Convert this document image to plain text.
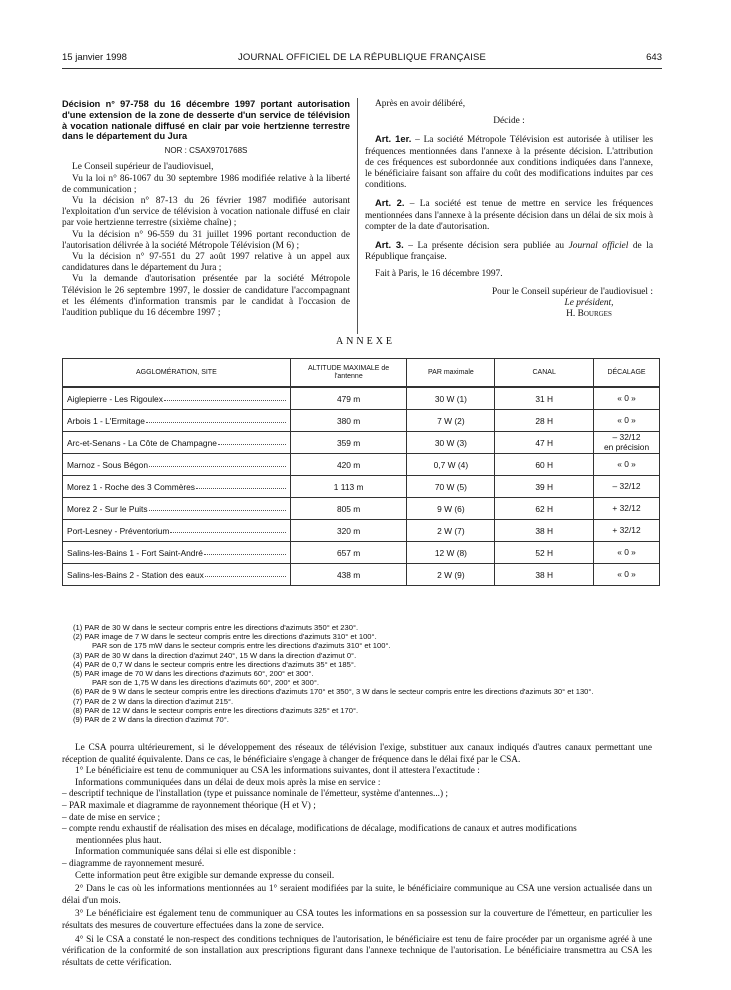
15 janvier 1998	JOURNAL OFFICIEL DE LA RÉPUBLIQUE FRANÇAISE	643

Décision n° 97-758 du 16 décembre 1997 portant autorisation d'une extension de la zone de desserte d'un service de télévision à vocation nationale diffusé en clair par voie hertzienne terrestre dans le département du Jura

NOR : CSAX9701768S

Le Conseil supérieur de l'audiovisuel,

Vu la loi n° 86-1067 du 30 septembre 1986 modifiée relative à la liberté de communication ;

Vu la décision n° 87-13 du 26 février 1987 modifiée autorisant l'exploitation d'un service de télévision à vocation nationale diffusé en clair par voie hertzienne terrestre (sixième chaîne) ;

Vu la décision n° 96-559 du 31 juillet 1996 portant reconduction de l'autorisation délivrée à la société Métropole Télévision (M 6) ;

Vu la décision n° 97-551 du 27 août 1997 relative à un appel aux candidatures dans le département du Jura ;

Vu la demande d'autorisation présentée par la société Métropole Télévision le 26 septembre 1997, le dossier de candidature l'accompagnant et les éléments d'information transmis par le candidat à l'occasion de l'audition publique du 16 décembre 1997 ;

Après en avoir délibéré,

Décide :

Art. 1er. – La société Métropole Télévision est autorisée à utiliser les fréquences mentionnées dans l'annexe à la présente décision. L'attribution de ces fréquences est subordonnée aux conditions indiquées dans l'annexe, le bénéficiaire faisant son affaire du coût des modifications induites par ces conditions.

Art. 2. – La société est tenue de mettre en service les fréquences mentionnées dans l'annexe à la présente décision dans un délai de six mois à compter de la date d'autorisation.

Art. 3. – La présente décision sera publiée au Journal officiel de la République française.

Fait à Paris, le 16 décembre 1997.

Pour le Conseil supérieur de l'audiovisuel :

Le président,

H. Bourges

ANNEXE
AGGLOMÉRATION, SITE	ALTITUDE MAXIMALE de l'antenne	PAR maximale	CANAL	DÉCALAGE

Aiglepierre - Les Rigoulex	479 m	30 W (1)	31 H	« 0 »

Arbois 1 - L'Ermitage	380 m	7 W (2)	28 H	« 0 »

Arc-et-Senans - La Côte de Champagne	359 m	30 W (3)	47 H	– 32/12
en précision

Marnoz - Sous Bégon	420 m	0,7 W (4)	60 H	« 0 »

Morez 1 - Roche des 3 Commères	1 113 m	70 W (5)	39 H	– 32/12

Morez 2 - Sur le Puits	805 m	9 W (6)	62 H	+ 32/12

Port-Lesney - Préventorium	320 m	2 W (7)	38 H	+ 32/12

Salins-les-Bains 1 - Fort Saint-André	657 m	12 W (8)	52 H	« 0 »

Salins-les-Bains 2 - Station des eaux	438 m	2 W (9)	38 H	« 0 »
(1) PAR de 30 W dans le secteur compris entre les directions d'azimuts 350° et 230°.
(2) PAR image de 7 W dans le secteur compris entre les directions d'azimuts 310° et 100°.
PAR son de 175 mW dans le secteur compris entre les directions d'azimuts 310° et 100°.
(3) PAR de 30 W dans la direction d'azimut 240°, 15 W dans la direction d'azimut 0°.
(4) PAR de 0,7 W dans le secteur compris entre les directions d'azimuts 35° et 185°.
(5) PAR image de 70 W dans les directions d'azimuts 60°, 200° et 300°.
PAR son de 1,75 W dans les directions d'azimuts 60°, 200° et 300°.
(6) PAR de 9 W dans le secteur compris entre les directions d'azimuts 170° et 350°, 3 W dans le secteur compris entre les directions d'azimuts 30° et 130°.
(7) PAR de 2 W dans la direction d'azimut 215°.
(8) PAR de 12 W dans le secteur compris entre les directions d'azimuts 325° et 170°.
(9) PAR de 2 W dans la direction d'azimut 70°.

Le CSA pourra ultérieurement, si le développement des réseaux de télévision l'exige, substituer aux canaux indiqués d'autres canaux permettant une réception de qualité équivalente. Dans ce cas, le bénéficiaire s'engage à changer de fréquence dans le délai fixé par le CSA.

1° Le bénéficiaire est tenu de communiquer au CSA les informations suivantes, dont il attestera l'exactitude :

Informations communiquées dans un délai de deux mois après la mise en service :

– descriptif technique de l'installation (type et puissance nominale de l'émetteur, système d'antennes...) ;

– PAR maximale et diagramme de rayonnement théorique (H et V) ;

– date de mise en service ;

– compte rendu exhaustif de réalisation des mises en décalage, modifications de décalage, modifications de canaux et autres modifications

mentionnées plus haut.

Information communiquée sans délai si elle est disponible :

– diagramme de rayonnement mesuré.

Cette information peut être exigible sur demande expresse du conseil.

2° Dans le cas où les informations mentionnées au 1° seraient modifiées par la suite, le bénéficiaire communique au CSA une version actualisée dans un délai d'un mois.

3° Le bénéficiaire est également tenu de communiquer au CSA toutes les informations en sa possession sur la couverture de l'émetteur, en particulier les résultats des mesures de couverture effectuées dans la zone de service.

4° Si le CSA a constaté le non-respect des conditions techniques de l'autorisation, le bénéficiaire est tenu de faire procéder par un organisme agréé à une vérification de la conformité de son installation aux prescriptions figurant dans l'annexe technique de l'autorisation. Le bénéficiaire transmettra au CSA les résultats de cette vérification.
